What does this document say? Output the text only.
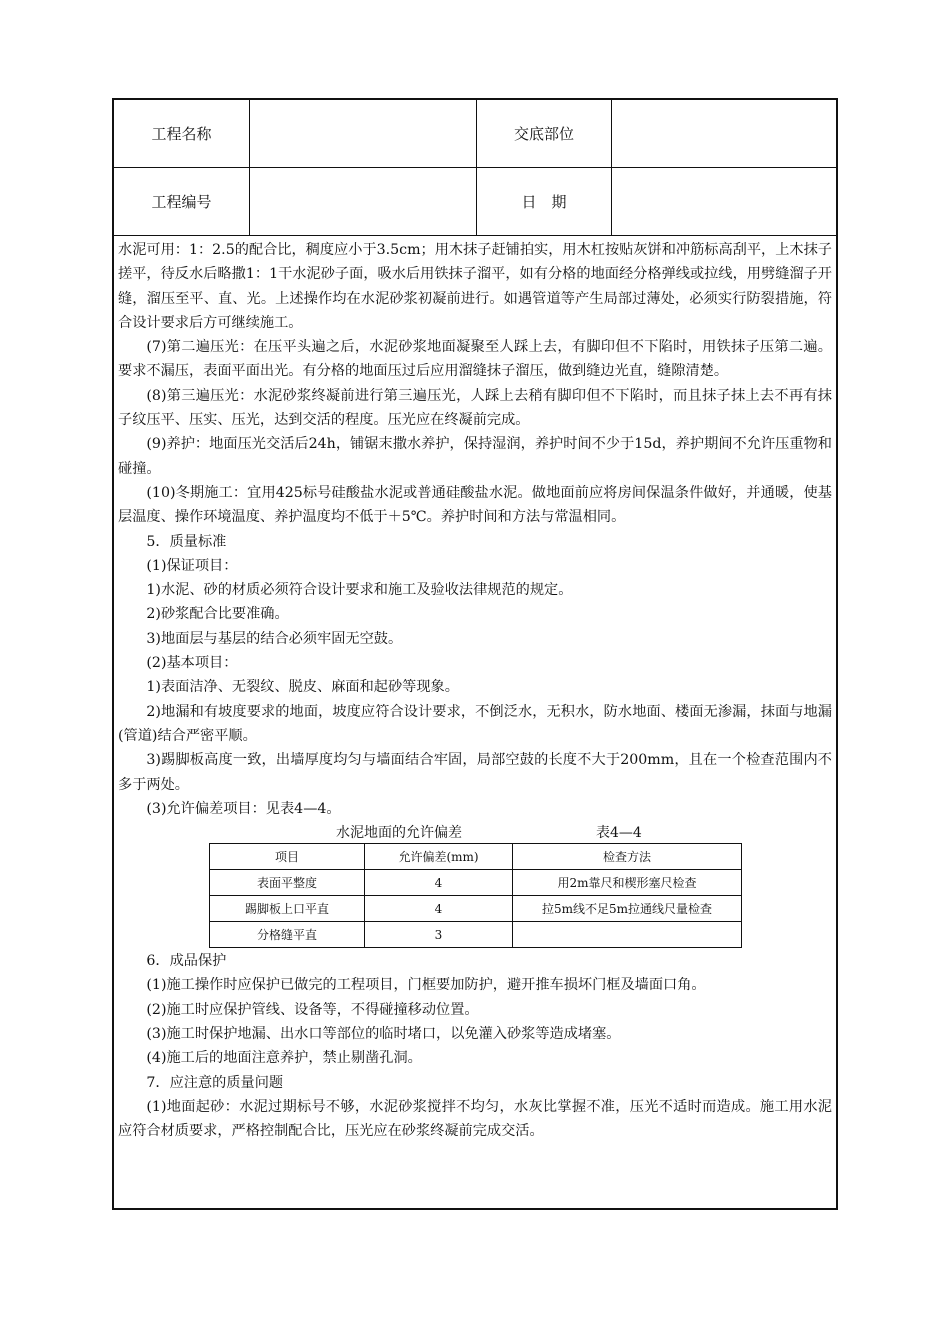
工程名称	交底部位
工程编号	日　期

水泥可用：1：2.5的配合比，稠度应小于3.5cm；用木抹子赶铺拍实，用木杠按贴灰饼和冲筋标高刮平，上木抹子搓平，待反水后略撒1：1干水泥砂子面，吸水后用铁抹子溜平，如有分格的地面经分格弹线或拉线，用劈缝溜子开缝，溜压至平、直、光。上述操作均在水泥砂浆初凝前进行。如遇管道等产生局部过薄处，必须实行防裂措施，符合设计要求后方可继续施工。

(7)第二遍压光：在压平头遍之后，水泥砂浆地面凝聚至人踩上去，有脚印但不下陷时，用铁抹子压第二遍。要求不漏压，表面平面出光。有分格的地面压过后应用溜缝抹子溜压，做到缝边光直，缝隙清楚。

(8)第三遍压光：水泥砂浆终凝前进行第三遍压光，人踩上去稍有脚印但不下陷时，而且抹子抹上去不再有抹子纹压平、压实、压光，达到交活的程度。压光应在终凝前完成。

(9)养护：地面压光交活后24h，铺锯末撒水养护，保持湿润，养护时间不少于15d，养护期间不允许压重物和碰撞。

(10)冬期施工：宜用425标号硅酸盐水泥或普通硅酸盐水泥。做地面前应将房间保温条件做好，并通暖，使基层温度、操作环境温度、养护温度均不低于＋5℃。养护时间和方法与常温相同。

5．质量标准

(1)保证项目：

1)水泥、砂的材质必须符合设计要求和施工及验收法律规范的规定。

2)砂浆配合比要准确。

3)地面层与基层的结合必须牢固无空鼓。

(2)基本项目：

1)表面洁净、无裂纹、脱皮、麻面和起砂等现象。

2)地漏和有坡度要求的地面，坡度应符合设计要求，不倒泛水，无积水，防水地面、楼面无渗漏，抹面与地漏(管道)结合严密平顺。

3)踢脚板高度一致，出墙厚度均匀与墙面结合牢固，局部空鼓的长度不大于200mm，且在一个检查范围内不多于两处。

(3)允许偏差项目：见表4—4。

水泥地面的允许偏差	表4—4
项目	允许偏差(mm)	检查方法
表面平整度	4	用2m靠尺和楔形塞尺检查
踢脚板上口平直	4	拉5m线不足5m拉通线尺量检查
分格缝平直	3	

6．成品保护

(1)施工操作时应保护已做完的工程项目，门框要加防护，避开推车损坏门框及墙面口角。

(2)施工时应保护管线、设备等，不得碰撞移动位置。

(3)施工时保护地漏、出水口等部位的临时堵口，以免灌入砂浆等造成堵塞。

(4)施工后的地面注意养护，禁止剔凿孔洞。

7．应注意的质量问题

(1)地面起砂：水泥过期标号不够，水泥砂浆搅拌不均匀，水灰比掌握不准，压光不适时而造成。施工用水泥应符合材质要求，严格控制配合比，压光应在砂浆终凝前完成交活。
